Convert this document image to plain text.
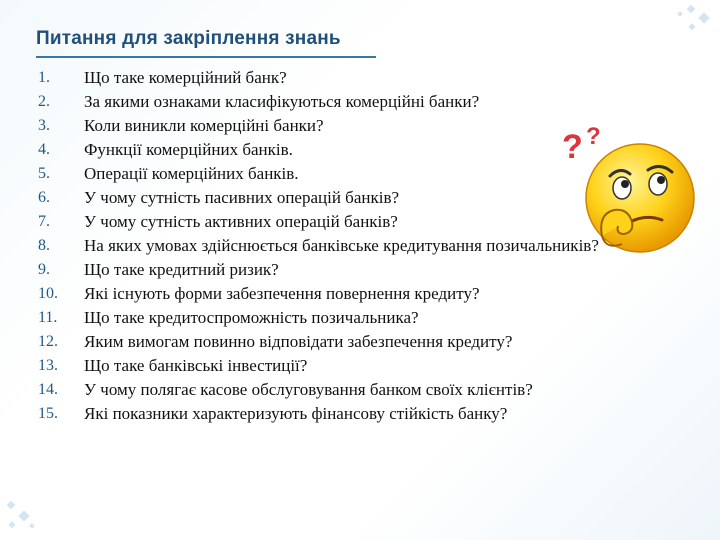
Питання для закріплення знань
1.	Що таке комерційний банк?
2.	За якими ознаками класифікуються комерційні банки?
3.	Коли виникли комерційні банки?
4.	Функції комерційних банків.
5.	Операції комерційних банків.
6.	У чому сутність пасивних операцій банків?
7.	У чому сутність активних операцій банків?
8.	На яких умовах здійснюється банківське кредитування позичальників?
9.	Що таке кредитний ризик?
10.	Які існують форми забезпечення повернення кредиту?
11.	Що таке кредитоспроможність позичальника?
12.	Яким вимогам повинно відповідати забезпечення кредиту?
13.	Що таке банківські інвестиції?
14.	У чому полягає касове обслуговування банком своїх клієнтів?
15.	Які показники характеризують фінансову стійкість банку?
? ?
